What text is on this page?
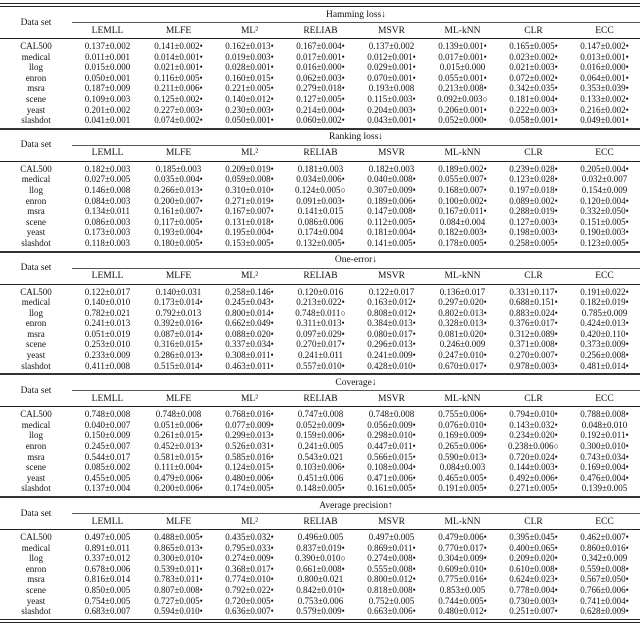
Data set	Hamming loss↓							
	LEMLL	MLFE	ML²	RELIAB	MSVR	ML-kNN	CLR	ECC
CAL500	0.137±0.002	0.141±0.002•	0.162±0.013•	0.167±0.004•	0.137±0.002	0.139±0.001•	0.165±0.005•	0.147±0.002•
medical	0.011±0.001	0.014±0.001•	0.019±0.003•	0.017±0.001•	0.012±0.001•	0.017±0.001•	0.023±0.002•	0.013±0.001•
llog	0.015±0.000	0.021±0.001•	0.028±0.001•	0.016±0.000•	0.029±0.001•	0.015±0.000	0.021±0.003•	0.016±0.000•
enron	0.050±0.001	0.116±0.005•	0.160±0.015•	0.062±0.003•	0.070±0.001•	0.055±0.001•	0.072±0.002•	0.064±0.001•
msra	0.187±0.009	0.211±0.006•	0.221±0.005•	0.279±0.018•	0.193±0.008	0.213±0.008•	0.342±0.035•	0.353±0.039•
scene	0.109±0.003	0.125±0.002•	0.140±0.012•	0.127±0.005•	0.115±0.003•	0.092±0.003○	0.181±0.004•	0.133±0.002•
yeast	0.201±0.002	0.227±0.003•	0.230±0.003•	0.214±0.004•	0.204±0.003•	0.206±0.001•	0.222±0.003•	0.216±0.002•
slashdot	0.041±0.001	0.074±0.002•	0.050±0.001•	0.060±0.002•	0.043±0.001•	0.052±0.000•	0.058±0.001•	0.049±0.001•
Data set	Ranking loss↓							
	LEMLL	MLFE	ML²	RELIAB	MSVR	ML-kNN	CLR	ECC
CAL500	0.182±0.003	0.185±0.003	0.209±0.019•	0.181±0.003	0.182±0.003	0.189±0.002•	0.239±0.028•	0.205±0.004•
medical	0.027±0.005	0.035±0.004•	0.059±0.008•	0.034±0.006•	0.040±0.008•	0.055±0.007•	0.123±0.028•	0.032±0.007
llog	0.146±0.008	0.266±0.013•	0.310±0.010•	0.124±0.005○	0.307±0.009•	0.168±0.007•	0.197±0.018•	0.154±0.009
enron	0.084±0.003	0.200±0.007•	0.271±0.019•	0.091±0.003•	0.189±0.006•	0.100±0.002•	0.089±0.002•	0.120±0.004•
msra	0.134±0.011	0.161±0.007•	0.167±0.007•	0.141±0.015	0.147±0.008•	0.167±0.011•	0.288±0.019•	0.332±0.050•
scene	0.086±0.003	0.117±0.005•	0.131±0.018•	0.086±0.006	0.112±0.005•	0.084±0.004	0.127±0.003•	0.151±0.005•
yeast	0.173±0.003	0.193±0.004•	0.195±0.004•	0.174±0.004	0.181±0.004•	0.182±0.003•	0.198±0.003•	0.190±0.003•
slashdot	0.118±0.003	0.180±0.005•	0.153±0.005•	0.132±0.005•	0.141±0.005•	0.178±0.005•	0.258±0.005•	0.123±0.005•
Data set	One-error↓							
	LEMLL	MLFE	ML²	RELIAB	MSVR	ML-kNN	CLR	ECC
CAL500	0.122±0.017	0.140±0.031	0.258±0.146•	0.120±0.016	0.122±0.017	0.136±0.017	0.331±0.117•	0.191±0.022•
medical	0.140±0.010	0.173±0.014•	0.245±0.043•	0.213±0.022•	0.163±0.012•	0.297±0.020•	0.688±0.151•	0.182±0.019•
llog	0.782±0.021	0.792±0.013	0.800±0.014•	0.748±0.011○	0.808±0.012•	0.802±0.013•	0.883±0.024•	0.785±0.009
enron	0.241±0.013	0.392±0.016•	0.662±0.049•	0.311±0.013•	0.384±0.013•	0.328±0.013•	0.376±0.017•	0.424±0.013•
msra	0.051±0.019	0.087±0.014•	0.088±0.020•	0.097±0.029•	0.080±0.017•	0.081±0.020•	0.312±0.089•	0.420±0.110•
scene	0.253±0.010	0.316±0.015•	0.337±0.034•	0.270±0.017•	0.296±0.013•	0.246±0.009	0.371±0.008•	0.373±0.009•
yeast	0.233±0.009	0.286±0.013•	0.308±0.011•	0.241±0.011	0.241±0.009•	0.247±0.010•	0.270±0.007•	0.256±0.008•
slashdot	0.411±0.008	0.515±0.014•	0.463±0.011•	0.557±0.010•	0.428±0.010•	0.670±0.017•	0.978±0.003•	0.481±0.014•
Data set	Coverage↓							
	LEMLL	MLFE	ML²	RELIAB	MSVR	ML-kNN	CLR	ECC
CAL500	0.748±0.008	0.748±0.008	0.768±0.016•	0.747±0.008	0.748±0.008	0.755±0.006•	0.794±0.010•	0.788±0.008•
medical	0.040±0.007	0.051±0.006•	0.077±0.009•	0.052±0.009•	0.056±0.009•	0.076±0.010•	0.143±0.032•	0.048±0.010
llog	0.150±0.009	0.261±0.015•	0.299±0.013•	0.159±0.006•	0.298±0.010•	0.169±0.009•	0.234±0.020•	0.192±0.011•
enron	0.245±0.007	0.452±0.013•	0.526±0.031•	0.241±0.005	0.447±0.011•	0.265±0.006•	0.238±0.006○	0.300±0.010•
msra	0.544±0.017	0.581±0.015•	0.585±0.016•	0.543±0.021	0.566±0.015•	0.590±0.013•	0.720±0.024•	0.743±0.034•
scene	0.085±0.002	0.111±0.004•	0.124±0.015•	0.103±0.006•	0.108±0.004•	0.084±0.003	0.144±0.003•	0.169±0.004•
yeast	0.455±0.005	0.479±0.006•	0.480±0.006•	0.451±0.006	0.471±0.006•	0.465±0.005•	0.492±0.006•	0.476±0.004•
slashdot	0.137±0.004	0.200±0.006•	0.174±0.005•	0.148±0.005•	0.161±0.005•	0.191±0.005•	0.271±0.005•	0.139±0.005
Data set	Average precision↑							
	LEMLL	MLFE	ML²	RELIAB	MSVR	ML-kNN	CLR	ECC
CAL500	0.497±0.005	0.488±0.005•	0.435±0.032•	0.496±0.005	0.497±0.005	0.479±0.006•	0.395±0.045•	0.462±0.007•
medical	0.891±0.011	0.865±0.013•	0.795±0.033•	0.837±0.019•	0.869±0.011•	0.770±0.017•	0.400±0.065•	0.860±0.016•
llog	0.337±0.012	0.300±0.010•	0.274±0.009•	0.390±0.010○	0.274±0.008•	0.304±0.009•	0.209±0.020•	0.342±0.009
enron	0.678±0.006	0.539±0.011•	0.368±0.017•	0.661±0.008•	0.555±0.008•	0.609±0.010•	0.610±0.008•	0.559±0.008•
msra	0.816±0.014	0.783±0.011•	0.774±0.010•	0.800±0.021	0.800±0.012•	0.775±0.016•	0.624±0.023•	0.567±0.050•
scene	0.850±0.005	0.807±0.008•	0.792±0.022•	0.842±0.010•	0.818±0.008•	0.853±0.005	0.778±0.004•	0.766±0.006•
yeast	0.754±0.005	0.727±0.005•	0.720±0.005•	0.753±0.006	0.752±0.005	0.744±0.005•	0.730±0.003•	0.741±0.004•
slashdot	0.683±0.007	0.594±0.010•	0.636±0.007•	0.579±0.009•	0.663±0.006•	0.480±0.012•	0.251±0.007•	0.628±0.009•
